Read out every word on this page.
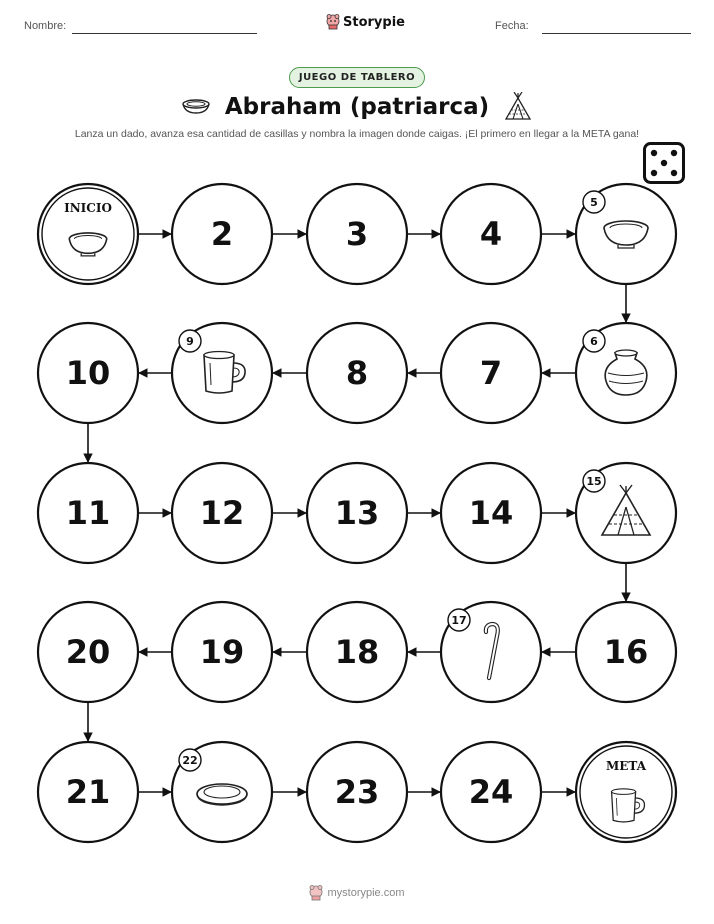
Nombre:	Storypie	Fecha:
JUEGO DE TABLERO
Abraham (patriarca)
Lanza un dado, avanza esa cantidad de casillas y nombra la imagen donde caigas. ¡El primero en llegar a la META gana!
INICIO
2	3	4
5
6
7
8
9
10
11	12	13	14
15
16
17
18
19
20
21
22
23	24
META
mystorypie.com
